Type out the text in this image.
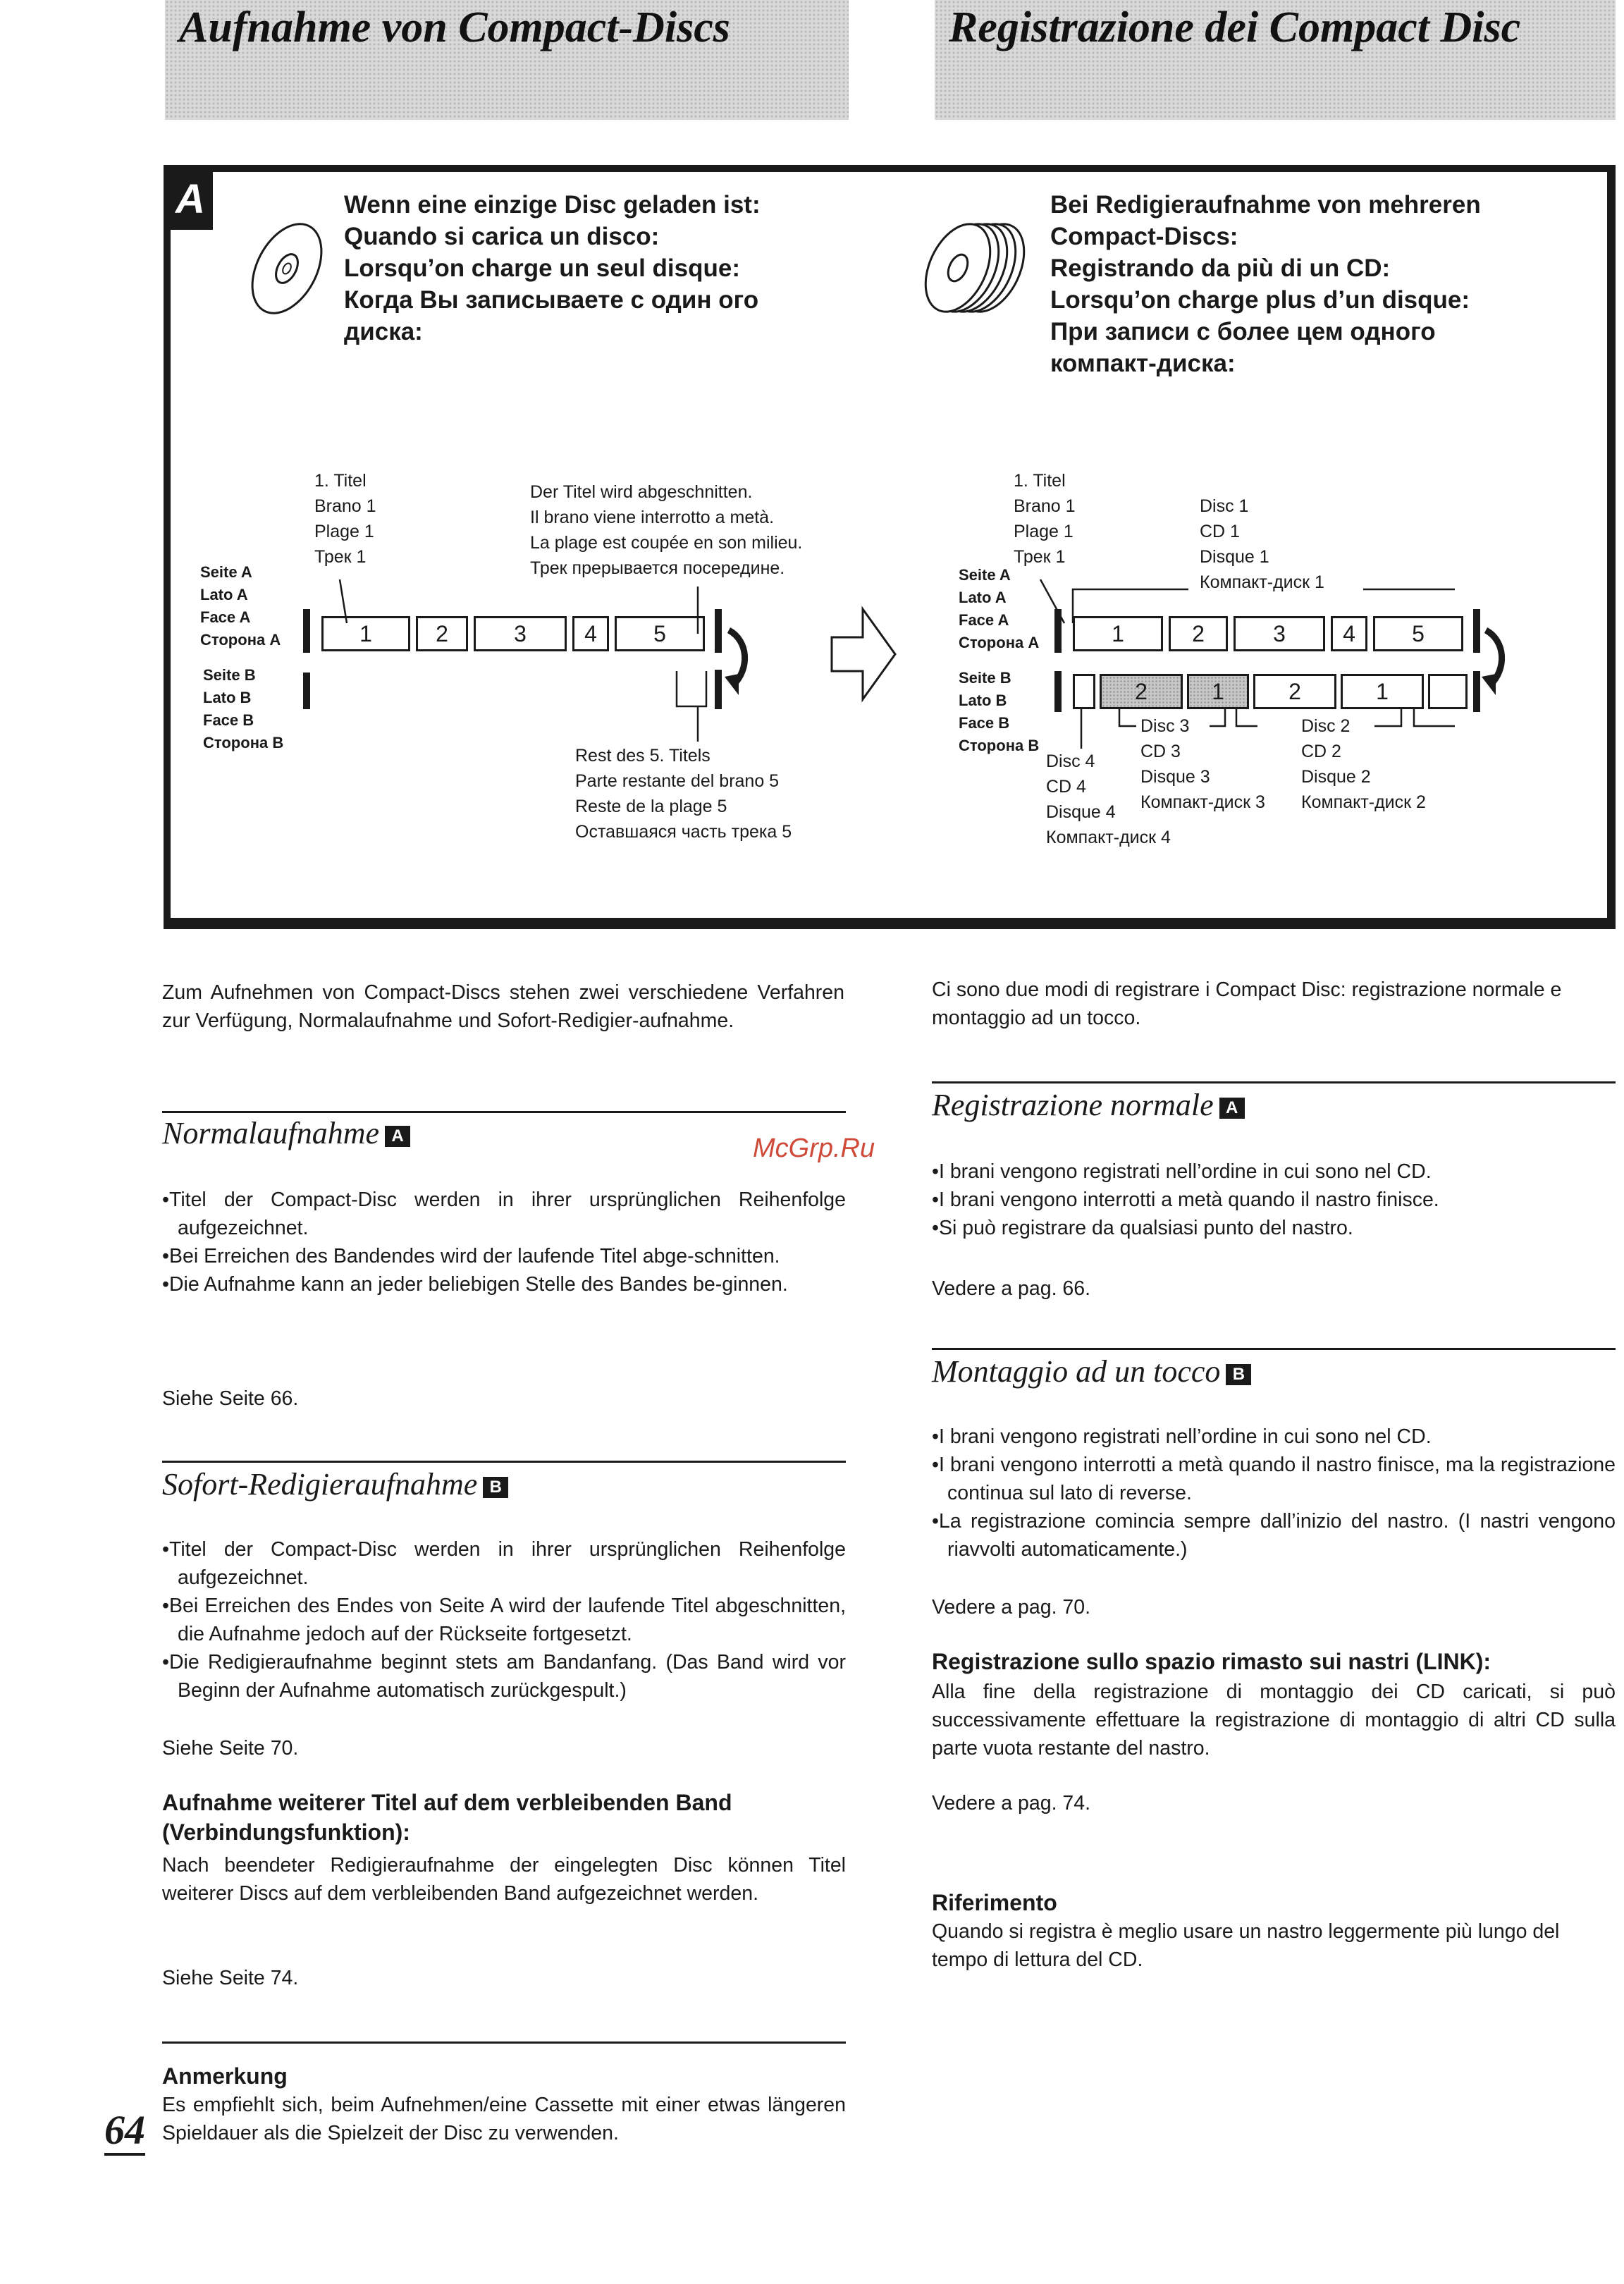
Aufnahme von Compact-Discs	Registrazione dei Compact Disc
A	Wenn eine einzige Disc geladen ist:
Quando si carica un disco:
Lorsqu’on charge un seul disque:
Когда Вы записываете с один ого
диска:
Bei Redigieraufnahme von mehreren
Compact-Discs:
Registrando da più di un CD:
Lorsqu’on charge plus d’un disque:
При записи с более цем одного
компакт-диска:
1. Titel
Brano 1
Plage 1
Трек 1
Der Titel wird abgeschnitten.
Il brano viene interrotto a metà.
La plage est coupée en son milieu.
Трек прерывается посередине.
Seite A
Lato A
Face A
Сторона A
Seite B
Lato B
Face B
Сторона B
1	2	3	4	5
Rest des 5. Titels
Parte restante del brano 5
Reste de la plage 5
Оставшаяся часть трека 5
1. Titel
Brano 1
Plage 1
Трек 1
Disc 1
CD 1
Disque 1
Компакт-диск 1
Seite A
Lato A
Face A
Сторона A
Seite B
Lato B
Face B
Сторона B
1	2	3	4	5
2	1	2	1
Disc 3
CD 3
Disque 3
Компакт-диск 3
Disc 2
CD 2
Disque 2
Компакт-диск 2
Disc 4
CD 4
Disque 4
Компакт-диск 4

Zum Aufnehmen von Compact-Discs stehen zwei verschiedene Verfahren zur Verfügung, Normalaufnahme und Sofort-Redigier-aufnahme.

Normalaufnahme A	McGrp.Ru
•Titel der Compact-Disc werden in ihrer ursprünglichen Reihenfolge aufgezeichnet.
•Bei Erreichen des Bandendes wird der laufende Titel abge-schnitten.
•Die Aufnahme kann an jeder beliebigen Stelle des Bandes be-ginnen.
Siehe Seite 66.
Sofort-Redigieraufnahme B
•Titel der Compact-Disc werden in ihrer ursprünglichen Reihenfolge aufgezeichnet.
•Bei Erreichen des Endes von Seite A wird der laufende Titel abgeschnitten, die Aufnahme jedoch auf der Rückseite fortgesetzt.
•Die Redigieraufnahme beginnt stets am Bandanfang. (Das Band wird vor Beginn der Aufnahme automatisch zurückgespult.)
Siehe Seite 70.
Aufnahme weiterer Titel auf dem verbleibenden Band (Verbindungsfunktion):
Nach beendeter Redigieraufnahme der eingelegten Disc können Titel weiterer Discs auf dem verbleibenden Band aufgezeichnet werden.
Siehe Seite 74.
Anmerkung
Es empfiehlt sich, beim Aufnehmen/eine Cassette mit einer etwas längeren Spieldauer als die Spielzeit der Disc zu verwenden.
64

Ci sono due modi di registrare i Compact Disc: registrazione normale e montaggio ad un tocco.

Registrazione normale A
•I brani vengono registrati nell’ordine in cui sono nel CD.
•I brani vengono interrotti a metà quando il nastro finisce.
•Si può registrare da qualsiasi punto del nastro.
Vedere a pag. 66.
Montaggio ad un tocco B
•I brani vengono registrati nell’ordine in cui sono nel CD.
•I brani vengono interrotti a metà quando il nastro finisce, ma la registrazione continua sul lato di reverse.
•La registrazione comincia sempre dall’inizio del nastro. (I nastri vengono riavvolti automaticamente.)
Vedere a pag. 70.
Registrazione sullo spazio rimasto sui nastri (LINK):
Alla fine della registrazione di montaggio dei CD caricati, si può successivamente effettuare la registrazione di montaggio di altri CD sulla parte vuota restante del nastro.
Vedere a pag. 74.
Riferimento
Quando si registra è meglio usare un nastro leggermente più lungo del tempo di lettura del CD.
